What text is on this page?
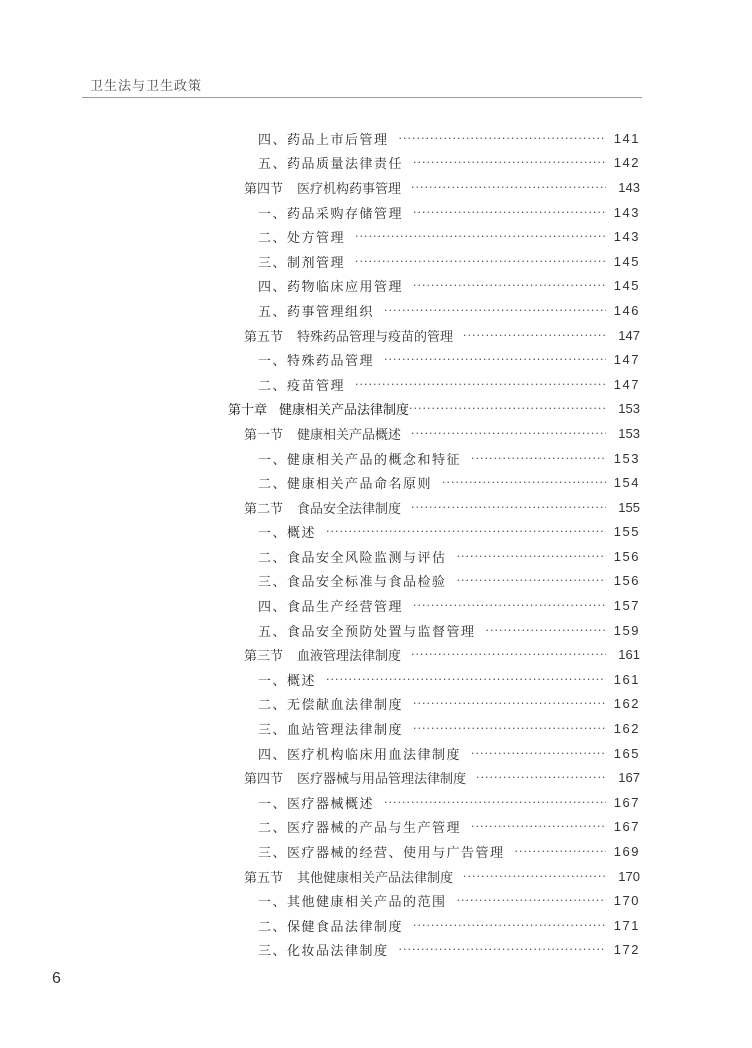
卫生法与卫生政策
四、药品上市后管理 ·····	141
五、药品质量法律责任 ·····	142
第四节 医疗机构药事管理 ·····	143
一、药品采购存储管理 ·····	143
二、处方管理 ·····	143
三、制剂管理 ·····	145
四、药物临床应用管理 ·····	145
五、药事管理组织 ·····	146
第五节 特殊药品管理与疫苗的管理 ·····	147
一、特殊药品管理 ·····	147
二、疫苗管理 ·····	147
第十章 健康相关产品法律制度 ·····	153
第一节 健康相关产品概述 ·····	153
一、健康相关产品的概念和特征 ·····	153
二、健康相关产品命名原则 ·····	154
第二节 食品安全法律制度 ·····	155
一、概述 ·····	155
二、食品安全风险监测与评估 ·····	156
三、食品安全标准与食品检验 ·····	156
四、食品生产经营管理 ·····	157
五、食品安全预防处置与监督管理 ·····	159
第三节 血液管理法律制度 ·····	161
一、概述 ·····	161
二、无偿献血法律制度 ·····	162
三、血站管理法律制度 ·····	162
四、医疗机构临床用血法律制度 ·····	165
第四节 医疗器械与用品管理法律制度 ·····	167
一、医疗器械概述 ·····	167
二、医疗器械的产品与生产管理 ·····	167
三、医疗器械的经营、使用与广告管理 ·····	169
第五节 其他健康相关产品法律制度 ·····	170
一、其他健康相关产品的范围 ·····	170
二、保健食品法律制度 ·····	171
三、化妆品法律制度 ·····	172
6
